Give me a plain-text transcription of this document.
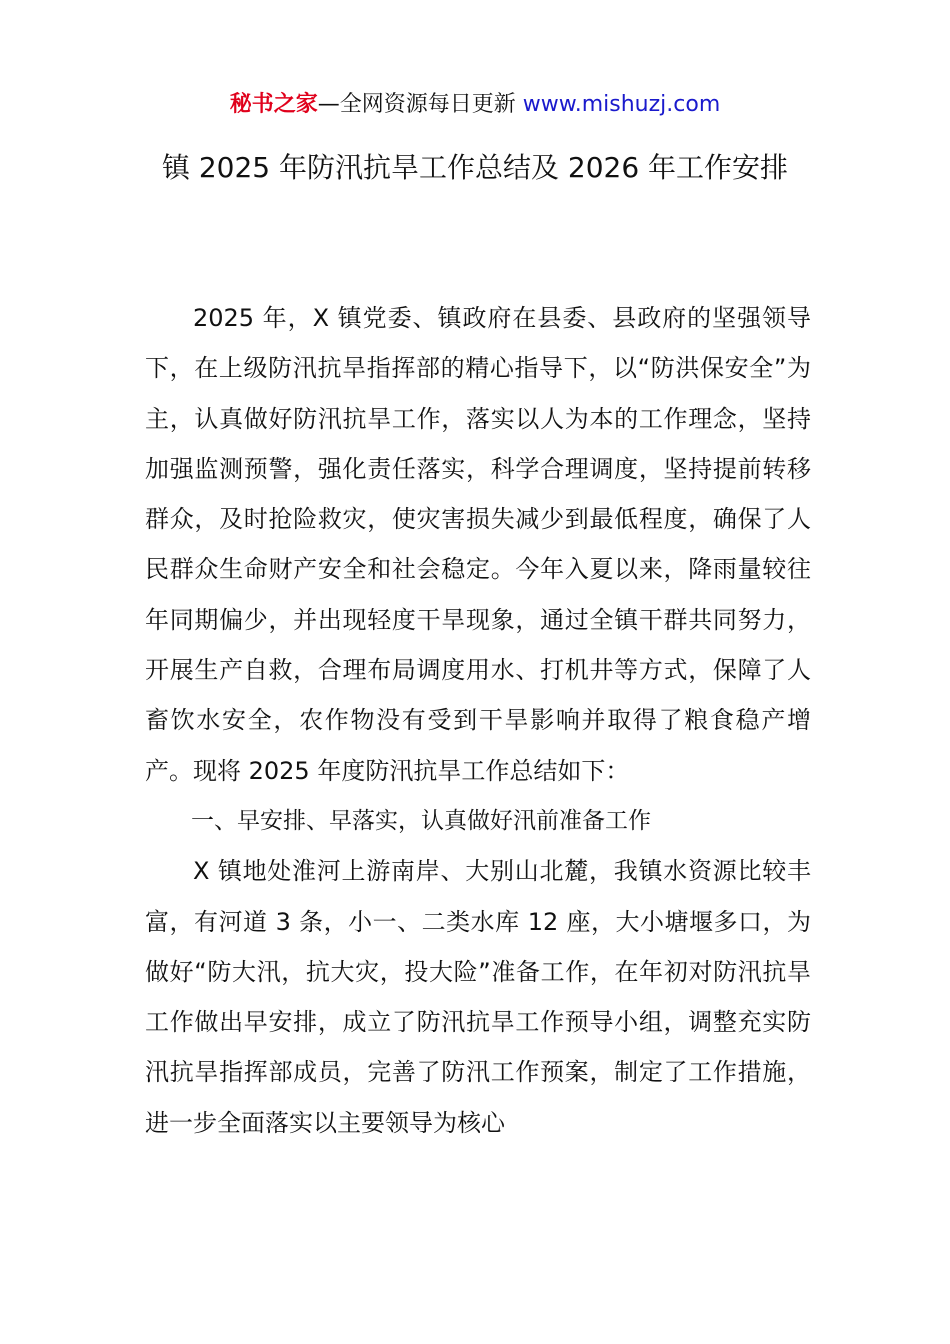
秘书之家—全网资源每日更新 www.mishuzj.com
镇 2025 年防汛抗旱工作总结及 2026 年工作安排

2025 年，X 镇党委、镇政府在县委、县政府的坚强领导下，在上级防汛抗旱指挥部的精心指导下，以“防洪保安全”为主，认真做好防汛抗旱工作，落实以人为本的工作理念，坚持加强监测预警，强化责任落实，科学合理调度，坚持提前转移群众，及时抢险救灾，使灾害损失减少到最低程度，确保了人民群众生命财产安全和社会稳定。今年入夏以来，降雨量较往年同期偏少，并出现轻度干旱现象，通过全镇干群共同努力，开展生产自救，合理布局调度用水、打机井等方式，保障了人畜饮水安全，农作物没有受到干旱影响并取得了粮食稳产增产。现将 2025 年度防汛抗旱工作总结如下：

一、早安排、早落实，认真做好汛前准备工作

X 镇地处淮河上游南岸、大别山北麓，我镇水资源比较丰富，有河道 3 条，小一、二类水库 12 座，大小塘堰多口，为做好“防大汛，抗大灾，投大险”准备工作，在年初对防汛抗旱工作做出早安排，成立了防汛抗旱工作预导小组，调整充实防汛抗旱指挥部成员，完善了防汛工作预案，制定了工作措施，进一步全面落实以主要领导为核心
